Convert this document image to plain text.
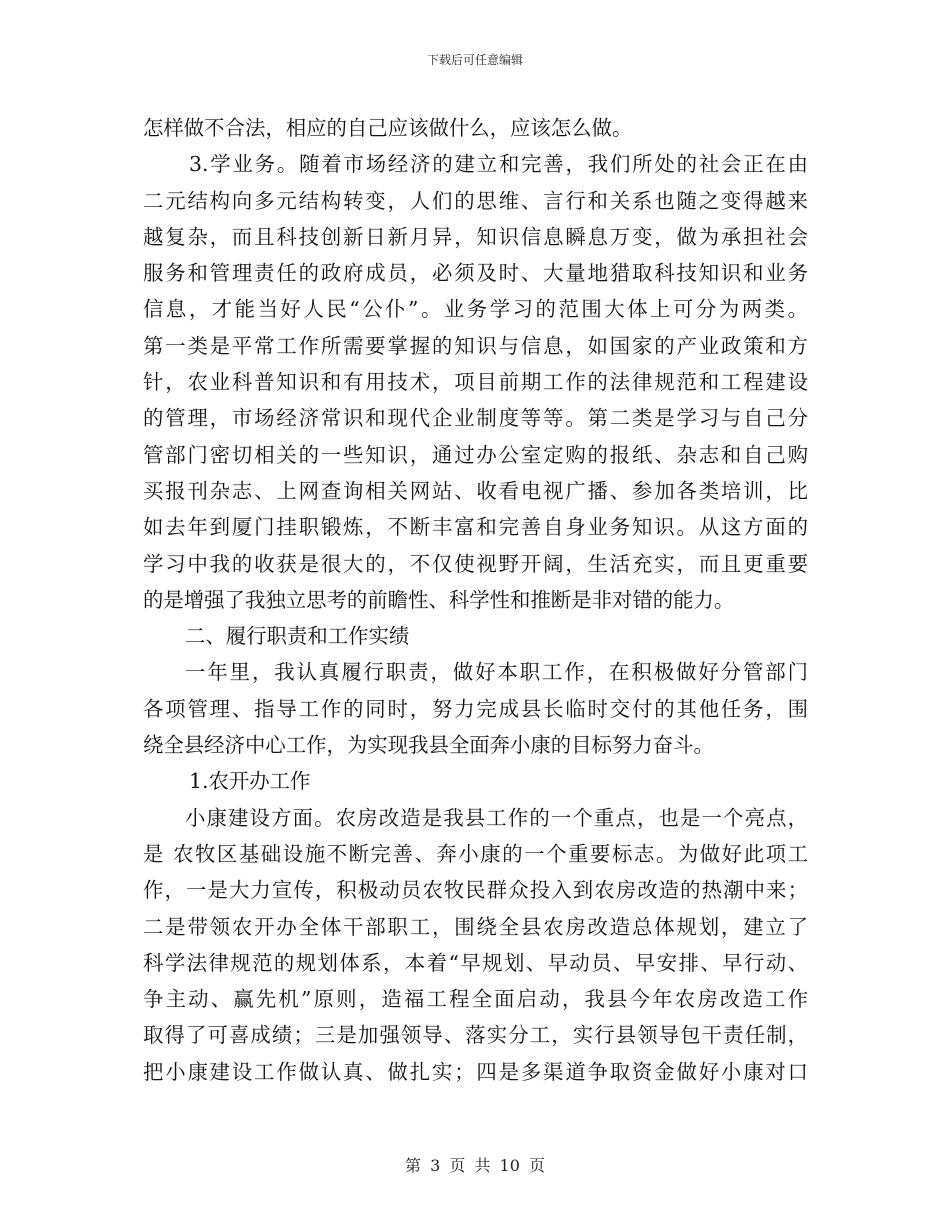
下载后可任意编辑
怎样做不合法，相应的自己应该做什么，应该怎么做。
3.学业务。随着市场经济的建立和完善，我们所处的社会正在由
二元结构向多元结构转变，人们的思维、言行和关系也随之变得越来
越复杂，而且科技创新日新月异，知识信息瞬息万变，做为承担社会
服务和管理责任的政府成员，必须及时、大量地猎取科技知识和业务
信息，才能当好人民“公仆”。业务学习的范围大体上可分为两类。
第一类是平常工作所需要掌握的知识与信息，如国家的产业政策和方
针，农业科普知识和有用技术，项目前期工作的法律规范和工程建设
的管理，市场经济常识和现代企业制度等等。第二类是学习与自己分
管部门密切相关的一些知识，通过办公室定购的报纸、杂志和自己购
买报刊杂志、上网查询相关网站、收看电视广播、参加各类培训，比
如去年到厦门挂职锻炼，不断丰富和完善自身业务知识。从这方面的
学习中我的收获是很大的，不仅使视野开阔，生活充实，而且更重要
的是增强了我独立思考的前瞻性、科学性和推断是非对错的能力。
二、履行职责和工作实绩
一年里，我认真履行职责，做好本职工作，在积极做好分管部门
各项管理、指导工作的同时，努力完成县长临时交付的其他任务，围
绕全县经济中心工作，为实现我县全面奔小康的目标努力奋斗。
1.农开办工作
小康建设方面。农房改造是我县工作的一个重点，也是一个亮点，
是 农牧区基础设施不断完善、奔小康的一个重要标志。为做好此项工
作，一是大力宣传，积极动员农牧民群众投入到农房改造的热潮中来；
二是带领农开办全体干部职工，围绕全县农房改造总体规划，建立了
科学法律规范的规划体系，本着“早规划、早动员、早安排、早行动、
争主动、赢先机”原则，造福工程全面启动，我县今年农房改造工作
取得了可喜成绩；三是加强领导、落实分工，实行县领导包干责任制，
把小康建设工作做认真、做扎实；四是多渠道争取资金做好小康对口
第 3 页 共 10 页
